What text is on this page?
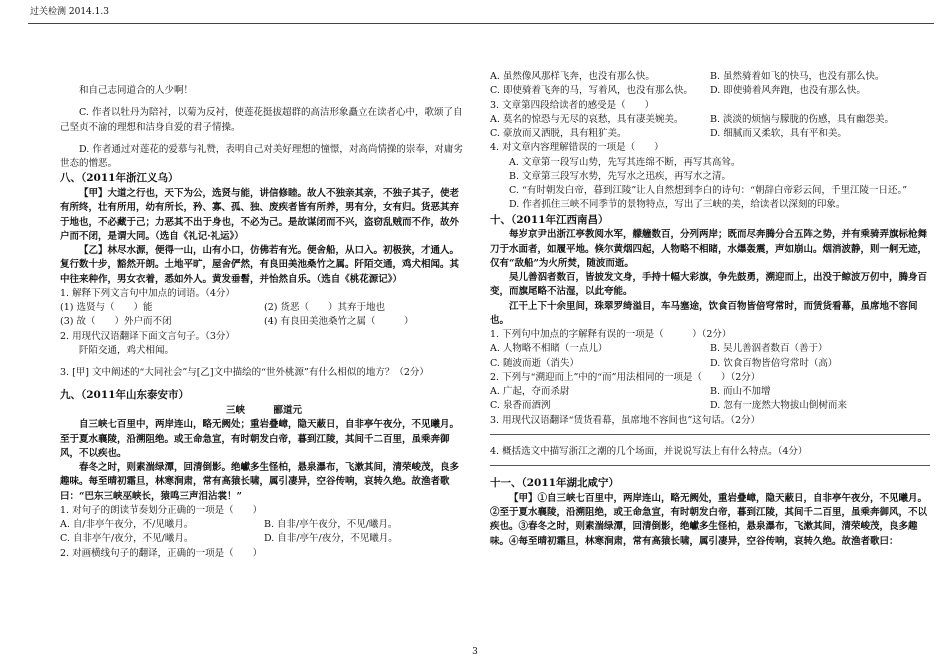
过关检测 2014.1.3

和自己志同道合的人少啊！

C. 作者以牡丹为陪衬，以菊为反衬，使莲花挺拔超群的高洁形象矗立在读者心中，歌颂了自己坚贞不渝的理想和洁身自爱的君子情操。

D. 作者通过对莲花的爱慕与礼赞，表明自己对美好理想的憧憬，对高尚情操的崇奉，对庸劣世态的憎恶。

八、（2011年浙江义乌）

【甲】大道之行也，天下为公，选贤与能，讲信修睦。故人不独亲其亲，不独子其子，使老有所终，壮有所用，幼有所长，矜、寡、孤、独、废疾者皆有所养，男有分，女有归。货恶其弃于地也，不必藏于己；力恶其不出于身也，不必为己。是故谋闭而不兴，盗窃乱贼而不作，故外户而不闭，是谓大同。（选自《礼记·礼运》）

【乙】林尽水源，便得一山，山有小口，仿佛若有光。便舍船，从口入。初极狭，才通人。复行数十步，豁然开朗。土地平旷，屋舍俨然，有良田美池桑竹之属。阡陌交通，鸡犬相闻。其中往来种作，男女衣着，悉如外人。黄发垂髫，并怡然自乐。（选自《桃花源记》）

1. 解释下列文言句中加点的词语。（4分）

(1) 选贤与（　　）能	(2) 货恶（　　）其弃于地也
(3) 故（　　）外户而不闭	(4) 有良田美池桑竹之属（　　　）

2. 用现代汉语翻译下面文言句子。（3分）

阡陌交通，鸡犬相闻。

3. [甲] 文中阐述的“大同社会”与[乙]文中描绘的“世外桃源”有什么相似的地方？（2分）

九、（2011年山东泰安市）

三峡　　　郦道元

自三峡七百里中，两岸连山，略无阙处；重岩叠嶂，隐天蔽日，自非亭午夜分，不见曦月。至于夏水襄陵，沿溯阻绝。或王命急宣，有时朝发白帝，暮到江陵，其间千二百里，虽乘奔御风，不以疾也。

春冬之时，则素湍绿潭，回清倒影。绝巘多生怪柏，悬泉瀑布，飞漱其间，清荣峻茂，良多趣味。每至晴初霜旦，林寒涧肃，常有高猿长啸，属引凄异，空谷传响，哀转久绝。故渔者歌曰：“巴东三峡巫峡长，猿鸣三声泪沾裳！”

1. 对句子的朗读节奏划分正确的一项是（　　）

A. 自/非亭午夜分，不/见曦月。	B. 自非/亭午夜分，不见/曦月。
C. 自非亭午/夜分，不见/曦月。	D. 自非/亭午/夜分，不见曦月。

2. 对画横线句子的翻译，正确的一项是（　　）

A. 虽然像风那样飞奔，也没有那么快。	B. 虽然骑着如飞的快马，也没有那么快。
C. 即使骑着飞奔的马，写着风，也没有那么快。	D. 即使骑着风奔跑，也没有那么快。

3. 文章第四段给读者的感受是（　　）

A. 莫名的惊恐与无尽的哀愁，具有凄美婉美。	B. 淡淡的烦恼与朦胧的伤感，具有幽怨美。
C. 豪放而又洒脱，具有粗犷美。	D. 细腻而又柔软，具有平和美。

4. 对文章内容理解错误的一项是（　　）

A. 文章第一段写山势，先写其连绵不断，再写其高耸。

B. 文章第三段写水势，先写水之迅疾，再写水之清。

C. “有时朝发白帝，暮到江陵”让人自然想到李白的诗句：“朝辞白帝彩云间，千里江陵一日还。”

D. 作者抓住三峡不同季节的景物特点，写出了三峡的美，给读者以深刻的印象。

十、（2011年江西南昌）

每岁京尹出浙江亭教阅水军，艨艟数百，分列两岸；既而尽奔腾分合五阵之势，并有乘骑弄旗标枪舞刀于水面者，如履平地。倏尔黄烟四起，人物略不相睹，水爆轰震，声如崩山。烟消波静，则一舸无迹，仅有“敌船”为火所焚，随波而逝。

吴儿善泅者数百，皆披发文身，手持十幅大彩旗，争先鼓勇，溯迎而上，出没于鲸波万仞中，腾身百变，而旗尾略不沾湿，以此夸能。

江干上下十余里间，珠翠罗绮溢目，车马塞途，饮食百物皆倍穹常时，而赁货看幕，虽席地不容间也。

1. 下列句中加点的字解释有误的一项是（　　　）（2分）

A. 人物略不相睹（一点儿）	B. 吴儿善泅者数百（善于）
C. 随波而逝（消失）	D. 饮食百物皆倍穹常时（高）

2. 下列与“溯迎而上”中的“而”用法相同的一项是（　　）（2分）

A. 广起，夺而杀尉	B. 而山不加增
C. 泉香而酒洌	D. 忽有一庞然大物拔山倒树而来

3. 用现代汉语翻译“赁货看幕，虽席地不容间也”这句话。（2分）

4. 概括选文中描写浙江之潮的几个场面，并说说写法上有什么特点。（4分）

十一、（2011年湖北咸宁）

【甲】①自三峡七百里中，两岸连山，略无阙处，重岩叠嶂，隐天蔽日，自非亭午夜分，不见曦月。②至于夏水襄陵，沿溯阻绝，或王命急宣，有时朝发白帝，暮到江陵，其间千二百里，虽乘奔御风，不以疾也。③春冬之时，则素湍绿潭，回清倒影，绝巘多生怪柏，悬泉瀑布，飞漱其间，清荣峻茂，良多趣味。④每至晴初霜旦，林寒涧肃，常有高猿长啸，属引凄异，空谷传响，哀转久绝。故渔者歌曰：

3
